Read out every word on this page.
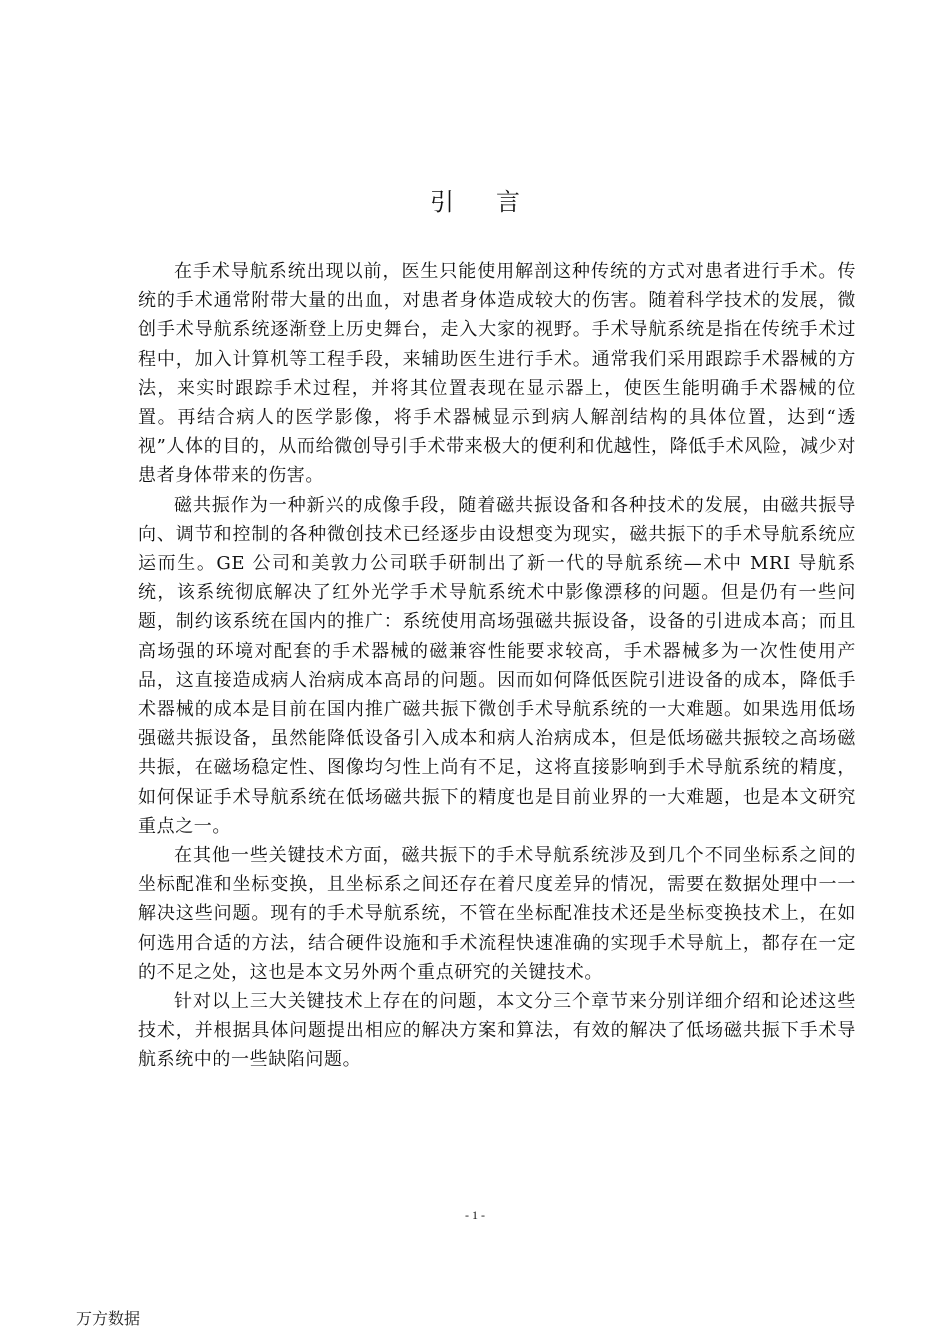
引言

在手术导航系统出现以前，医生只能使用解剖这种传统的方式对患者进行手术。传统的手术通常附带大量的出血，对患者身体造成较大的伤害。随着科学技术的发展，微创手术导航系统逐渐登上历史舞台，走入大家的视野。手术导航系统是指在传统手术过程中，加入计算机等工程手段，来辅助医生进行手术。通常我们采用跟踪手术器械的方法，来实时跟踪手术过程，并将其位置表现在显示器上，使医生能明确手术器械的位置。再结合病人的医学影像，将手术器械显示到病人解剖结构的具体位置，达到“透视”人体的目的，从而给微创导引手术带来极大的便利和优越性，降低手术风险，减少对患者身体带来的伤害。

磁共振作为一种新兴的成像手段，随着磁共振设备和各种技术的发展，由磁共振导向、调节和控制的各种微创技术已经逐步由设想变为现实，磁共振下的手术导航系统应运而生。GE 公司和美敦力公司联手研制出了新一代的导航系统—术中 MRI 导航系统，该系统彻底解决了红外光学手术导航系统术中影像漂移的问题。但是仍有一些问题，制约该系统在国内的推广：系统使用高场强磁共振设备，设备的引进成本高；而且高场强的环境对配套的手术器械的磁兼容性能要求较高，手术器械多为一次性使用产品，这直接造成病人治病成本高昂的问题。因而如何降低医院引进设备的成本，降低手术器械的成本是目前在国内推广磁共振下微创手术导航系统的一大难题。如果选用低场强磁共振设备，虽然能降低设备引入成本和病人治病成本，但是低场磁共振较之高场磁共振，在磁场稳定性、图像均匀性上尚有不足，这将直接影响到手术导航系统的精度，如何保证手术导航系统在低场磁共振下的精度也是目前业界的一大难题，也是本文研究重点之一。

在其他一些关键技术方面，磁共振下的手术导航系统涉及到几个不同坐标系之间的坐标配准和坐标变换，且坐标系之间还存在着尺度差异的情况，需要在数据处理中一一解决这些问题。现有的手术导航系统，不管在坐标配准技术还是坐标变换技术上，在如何选用合适的方法，结合硬件设施和手术流程快速准确的实现手术导航上，都存在一定的不足之处，这也是本文另外两个重点研究的关键技术。

针对以上三大关键技术上存在的问题，本文分三个章节来分别详细介绍和论述这些技术，并根据具体问题提出相应的解决方案和算法，有效的解决了低场磁共振下手术导航系统中的一些缺陷问题。

- 1 -
万方数据
